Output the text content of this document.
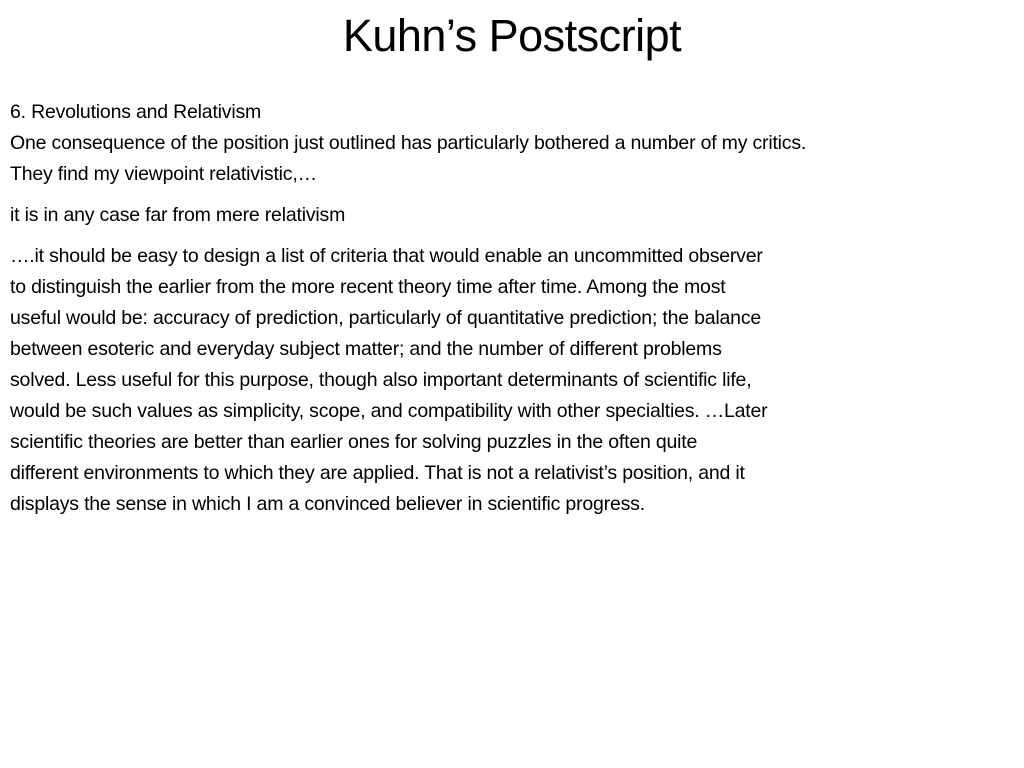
Kuhn’s Postscript
6. Revolutions and Relativism
One consequence of the position just outlined has particularly bothered a number of my critics.
They find my viewpoint relativistic,…
it is in any case far from mere relativism
….it should be easy to design a list of criteria that would enable an uncommitted observer
to distinguish the earlier from the more recent theory time after time. Among the most
useful would be: accuracy of prediction, particularly of quantitative prediction; the balance
between esoteric and everyday subject matter; and the number of different problems
solved. Less useful for this purpose, though also important determinants of scientific life,
would be such values as simplicity, scope, and compatibility with other specialties. …Later
scientific theories are better than earlier ones for solving puzzles in the often quite
different environments to which they are applied. That is not a relativist’s position, and it
displays the sense in which I am a convinced believer in scientific progress.
